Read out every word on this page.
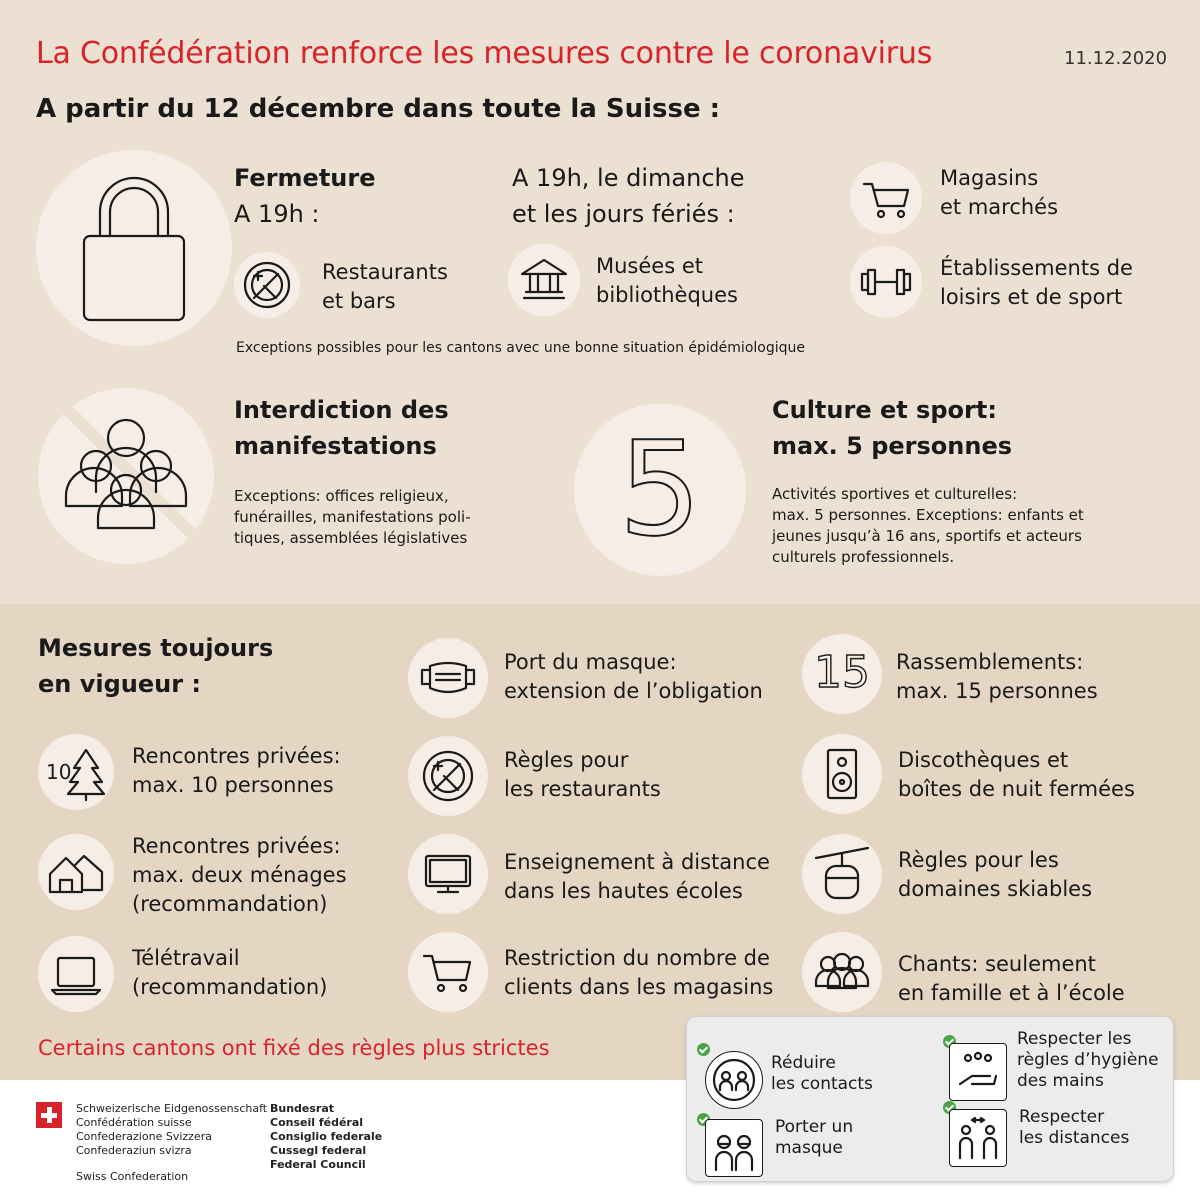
La Confédération renforce les mesures contre le coronavirus	11.12.2020
A partir du 12 décembre dans toute la Suisse :
Fermeture
A 19h :
Restaurants
et bars
A 19h, le dimanche
et les jours fériés :
Musées et
bibliothèques
Magasins
et marchés
Établissements de
loisirs et de sport
Exceptions possibles pour les cantons avec une bonne situation épidémiologique
Interdiction des
manifestations
Exceptions: offices religieux,
funérailles, manifestations poli-
tiques, assemblées législatives	5
Culture et sport:
max. 5 personnes
Activités sportives et culturelles:
max. 5 personnes. Exceptions: enfants et
jeunes jusqu’à 16 ans, sportifs et acteurs
culturels professionnels.
Mesures toujours
en vigueur :
10
Rencontres privées:
max. 10 personnes
Rencontres privées:
max. deux ménages
(recommandation)
Télétravail
(recommandation)
Port du masque:
extension de l’obligation
Règles pour
les restaurants
Enseignement à distance
dans les hautes écoles
Restriction du nombre de
clients dans les magasins
15	Rassemblements:
max. 15 personnes
Discothèques et
boîtes de nuit fermées
Règles pour les
domaines skiables
Chants: seulement
en famille et à l’école
Certains cantons ont fixé des règles plus strictes
Réduire
les contacts
Respecter les
règles d’hygiène
des mains
Porter un
masque
Respecter
les distances
Schweizerische Eidgenossenschaft
Confédération suisse
Confederazione Svizzera
Confederaziun svizra
Swiss Confederation
Bundesrat
Conseil fédéral
Consiglio federale
Cussegl federal
Federal Council
